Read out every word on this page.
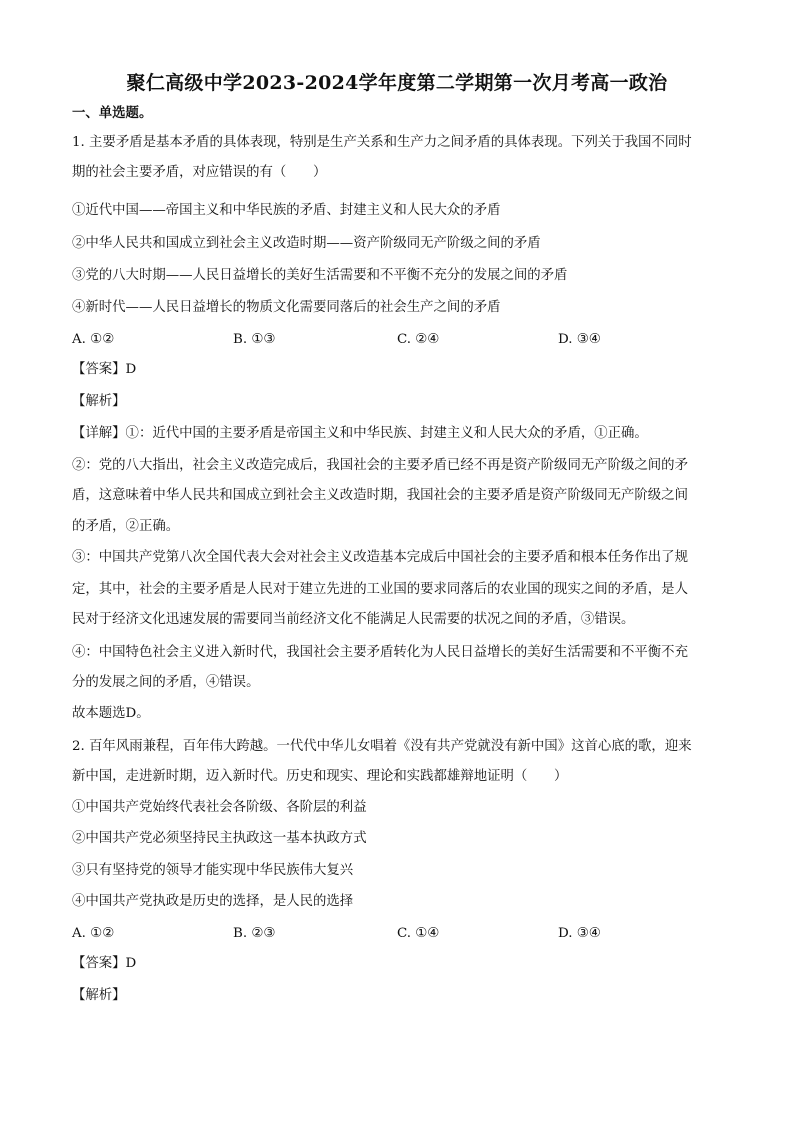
聚仁高级中学2023-2024学年度第二学期第一次月考高一政治
一、单选题。
1. 主要矛盾是基本矛盾的具体表现，特别是生产关系和生产力之间矛盾的具体表现。下列关于我国不同时
期的社会主要矛盾，对应错误的有（　　）
①近代中国——帝国主义和中华民族的矛盾、封建主义和人民大众的矛盾
②中华人民共和国成立到社会主义改造时期——资产阶级同无产阶级之间的矛盾
③党的八大时期——人民日益增长的美好生活需要和不平衡不充分的发展之间的矛盾
④新时代——人民日益增长的物质文化需要同落后的社会生产之间的矛盾
A. ①②	B. ①③	C. ②④	D. ③④
【答案】D
【解析】
【详解】①：近代中国的主要矛盾是帝国主义和中华民族、封建主义和人民大众的矛盾，①正确。
②：党的八大指出，社会主义改造完成后，我国社会的主要矛盾已经不再是资产阶级同无产阶级之间的矛
盾，这意味着中华人民共和国成立到社会主义改造时期，我国社会的主要矛盾是资产阶级同无产阶级之间
的矛盾，②正确。
③：中国共产党第八次全国代表大会对社会主义改造基本完成后中国社会的主要矛盾和根本任务作出了规
定，其中，社会的主要矛盾是人民对于建立先进的工业国的要求同落后的农业国的现实之间的矛盾，是人
民对于经济文化迅速发展的需要同当前经济文化不能满足人民需要的状况之间的矛盾，③错误。
④：中国特色社会主义进入新时代，我国社会主要矛盾转化为人民日益增长的美好生活需要和不平衡不充
分的发展之间的矛盾，④错误。
故本题选D。
2. 百年风雨兼程，百年伟大跨越。一代代中华儿女唱着《没有共产党就没有新中国》这首心底的歌，迎来
新中国，走进新时期，迈入新时代。历史和现实、理论和实践都雄辩地证明（　　）
①中国共产党始终代表社会各阶级、各阶层的利益
②中国共产党必须坚持民主执政这一基本执政方式
③只有坚持党的领导才能实现中华民族伟大复兴
④中国共产党执政是历史的选择，是人民的选择
A. ①②	B. ②③	C. ①④	D. ③④
【答案】D
【解析】
